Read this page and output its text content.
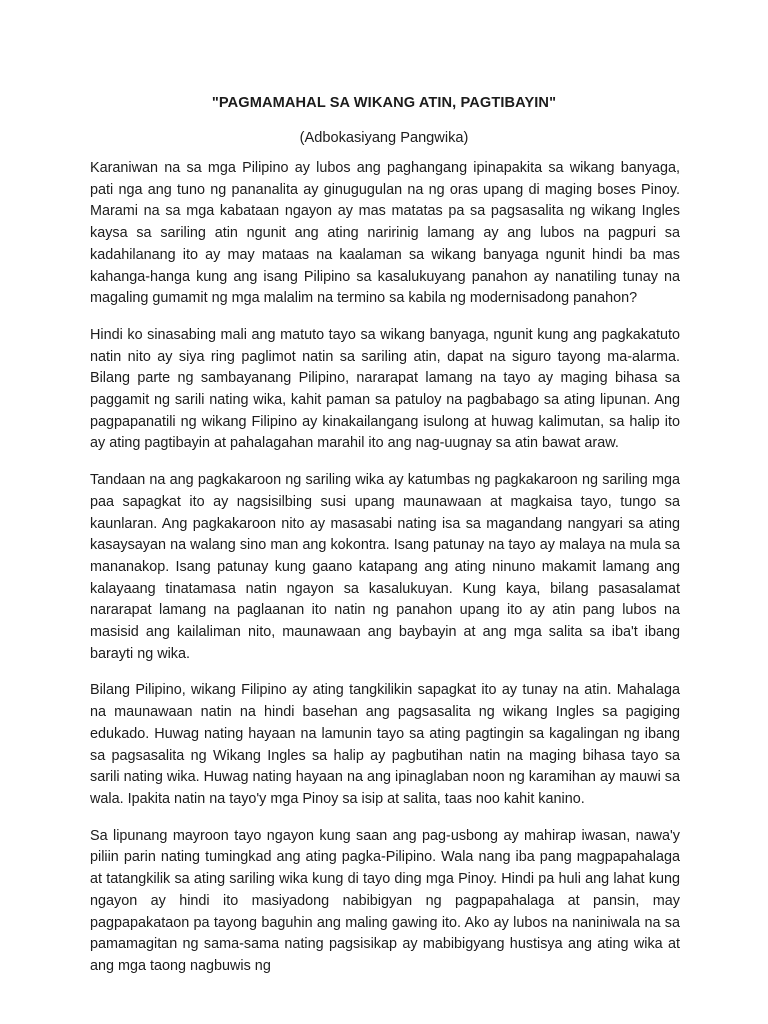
"PAGMAMAHAL SA WIKANG ATIN, PAGTIBAYIN"
(Adbokasiyang Pangwika)

Karaniwan na sa mga Pilipino ay lubos ang paghangang ipinapakita sa wikang banyaga, pati nga ang tuno ng pananalita ay ginugugulan na ng oras upang di maging boses Pinoy. Marami na sa mga kabataan ngayon ay mas matatas pa sa pagsasalita ng wikang Ingles kaysa sa sariling atin ngunit ang ating naririnig lamang ay ang lubos na pagpuri sa kadahilanang ito ay may mataas na kaalaman sa wikang banyaga ngunit hindi ba mas kahanga-hanga kung ang isang Pilipino sa kasalukuyang panahon ay nanatiling tunay na magaling gumamit ng mga malalim na termino sa kabila ng modernisadong panahon?

Hindi ko sinasabing mali ang matuto tayo sa wikang banyaga, ngunit kung ang pagkakatuto natin nito ay siya ring paglimot natin sa sariling atin, dapat na siguro tayong ma-alarma. Bilang parte ng sambayanang Pilipino, nararapat lamang na tayo ay maging bihasa sa paggamit ng sarili nating wika, kahit paman sa patuloy na pagbabago sa ating lipunan. Ang pagpapanatili ng wikang Filipino ay kinakailangang isulong at huwag kalimutan, sa halip ito ay ating pagtibayin at pahalagahan marahil ito ang nag-uugnay sa atin bawat araw.

Tandaan na ang pagkakaroon ng sariling wika ay katumbas ng pagkakaroon ng sariling mga paa sapagkat ito ay nagsisilbing susi upang maunawaan at magkaisa tayo, tungo sa kaunlaran. Ang pagkakaroon nito ay masasabi nating isa sa magandang nangyari sa ating kasaysayan na walang sino man ang kokontra. Isang patunay na tayo ay malaya na mula sa mananakop. Isang patunay kung gaano katapang ang ating ninuno makamit lamang ang kalayaang tinatamasa natin ngayon sa kasalukuyan. Kung kaya, bilang pasasalamat nararapat lamang na paglaanan ito natin ng panahon upang ito ay atin pang lubos na masisid ang kailaliman nito, maunawaan ang baybayin at ang mga salita sa iba't ibang barayti ng wika.

Bilang Pilipino, wikang Filipino ay ating tangkilikin sapagkat ito ay tunay na atin. Mahalaga na maunawaan natin na hindi basehan ang pagsasalita ng wikang Ingles sa pagiging edukado. Huwag nating hayaan na lamunin tayo sa ating pagtingin sa kagalingan ng ibang sa pagsasalita ng Wikang Ingles sa halip ay pagbutihan natin na maging bihasa tayo sa sarili nating wika. Huwag nating hayaan na ang ipinaglaban noon ng karamihan ay mauwi sa wala. Ipakita natin na tayo'y mga Pinoy sa isip at salita, taas noo kahit kanino.

Sa lipunang mayroon tayo ngayon kung saan ang pag-usbong ay mahirap iwasan, nawa'y piliin parin nating tumingkad ang ating pagka-Pilipino. Wala nang iba pang magpapahalaga at tatangkilik sa ating sariling wika kung di tayo ding mga Pinoy. Hindi pa huli ang lahat kung ngayon ay hindi ito masiyadong nabibigyan ng pagpapahalaga at pansin, may pagpapakataon pa tayong baguhin ang maling gawing ito. Ako ay lubos na naniniwala na sa pamamagitan ng sama-sama nating pagsisikap ay mabibigyang hustisya ang ating wika at ang mga taong nagbuwis ng
